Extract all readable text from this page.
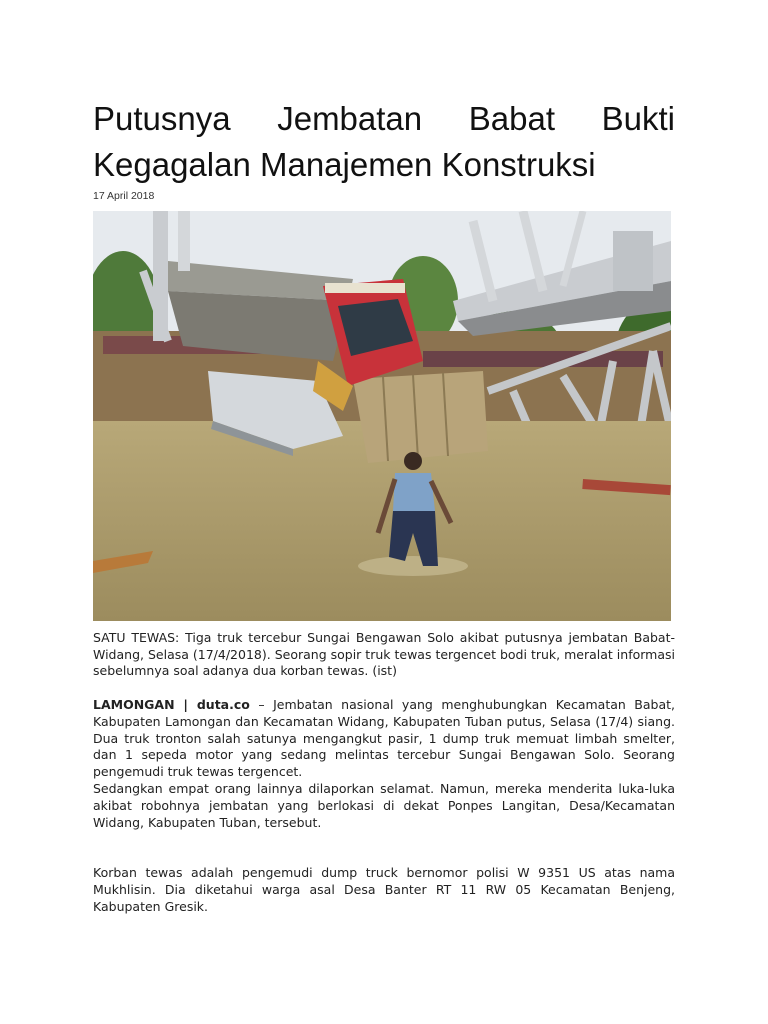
Putusnya Jembatan Babat Bukti Kegagalan Manajemen Konstruksi
17 April 2018

SATU TEWAS: Tiga truk tercebur Sungai Bengawan Solo akibat putusnya jembatan Babat-Widang, Selasa (17/4/2018). Seorang sopir truk tewas tergencet bodi truk, meralat informasi sebelumnya soal adanya dua korban tewas. (ist)

LAMONGAN | duta.co – Jembatan nasional yang menghubungkan Kecamatan Babat, Kabupaten Lamongan dan Kecamatan Widang, Kabupaten Tuban putus, Selasa (17/4) siang. Dua truk tronton salah satunya mengangkut pasir, 1 dump truk memuat limbah smelter, dan 1 sepeda motor yang sedang melintas tercebur Sungai Bengawan Solo. Seorang pengemudi truk tewas tergencet.

Sedangkan empat orang lainnya dilaporkan selamat. Namun, mereka menderita luka-luka akibat robohnya jembatan yang berlokasi di dekat Ponpes Langitan, Desa/Kecamatan Widang, Kabupaten Tuban, tersebut.

Korban tewas adalah pengemudi dump truck bernomor polisi W 9351 US atas nama Mukhlisin. Dia diketahui warga asal Desa Banter RT 11 RW 05 Kecamatan Benjeng, Kabupaten Gresik.
